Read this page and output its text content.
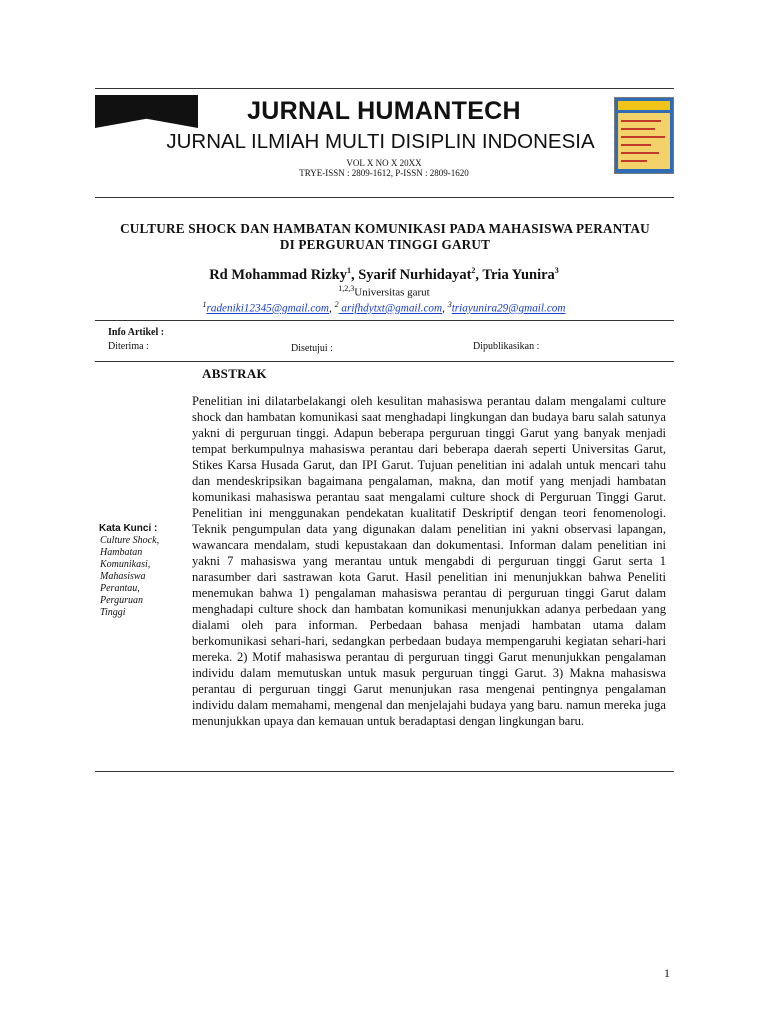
JURNAL HUMANTECH
JURNAL ILMIAH MULTI DISIPLIN INDONESIA
VOL X NO X 20XX
TRYE-ISSN : 2809-1612, P-ISSN : 2809-1620
CULTURE SHOCK DAN HAMBATAN KOMUNIKASI PADA MAHASISWA PERANTAU
DI PERGURUAN TINGGI GARUT
Rd Mohammad Rizky$^1$, Syarif Nurhidayat$^2$, Tria Yunira$^3$
$^{1,2,3}$Universitas garut
$^1$radeniki12345@gmail.com, $^2$ arifhdytxt@gmail.com, $^3$triayunira29@gmail.com
Info Artikel :
Diterima :	Disetujui :	Dipublikasikan :
Kata Kunci :
Culture Shock,
Hambatan
Komunikasi,
Mahasiswa
Perantau,
Perguruan
Tinggi
ABSTRAK
Penelitian ini dilatarbelakangi oleh kesulitan mahasiswa perantau dalam mengalami culture shock dan hambatan komunikasi saat menghadapi lingkungan dan budaya baru salah satunya yakni di perguruan tinggi. Adapun beberapa perguruan tinggi Garut yang banyak menjadi tempat berkumpulnya mahasiswa perantau dari beberapa daerah seperti Universitas Garut, Stikes Karsa Husada Garut, dan IPI Garut. Tujuan penelitian ini adalah untuk mencari tahu dan mendeskripsikan bagaimana pengalaman, makna, dan motif yang menjadi hambatan komunikasi mahasiswa perantau saat mengalami culture shock di Perguruan Tinggi Garut. Penelitian ini menggunakan pendekatan kualitatif Deskriptif dengan teori fenomenologi. Teknik pengumpulan data yang digunakan dalam penelitian ini yakni observasi lapangan, wawancara mendalam, studi kepustakaan dan dokumentasi. Informan dalam penelitian ini yakni 7 mahasiswa yang merantau untuk mengabdi di perguruan tinggi Garut serta 1 narasumber dari sastrawan kota Garut. Hasil penelitian ini menunjukkan bahwa Peneliti menemukan bahwa 1) pengalaman mahasiswa perantau di perguruan tinggi Garut dalam menghadapi culture shock dan hambatan komunikasi menunjukkan adanya perbedaan yang dialami oleh para informan. Perbedaan bahasa menjadi hambatan utama dalam berkomunikasi sehari-hari, sedangkan perbedaan budaya mempengaruhi kegiatan sehari-hari mereka. 2) Motif mahasiswa perantau di perguruan tinggi Garut menunjukkan pengalaman individu dalam memutuskan untuk masuk perguruan tinggi Garut. 3) Makna mahasiswa perantau di perguruan tinggi Garut menunjukan rasa mengenai pentingnya pengalaman individu dalam memahami, mengenal dan menjelajahi budaya yang baru. namun mereka juga menunjukkan upaya dan kemauan untuk beradaptasi dengan lingkungan baru.
1
